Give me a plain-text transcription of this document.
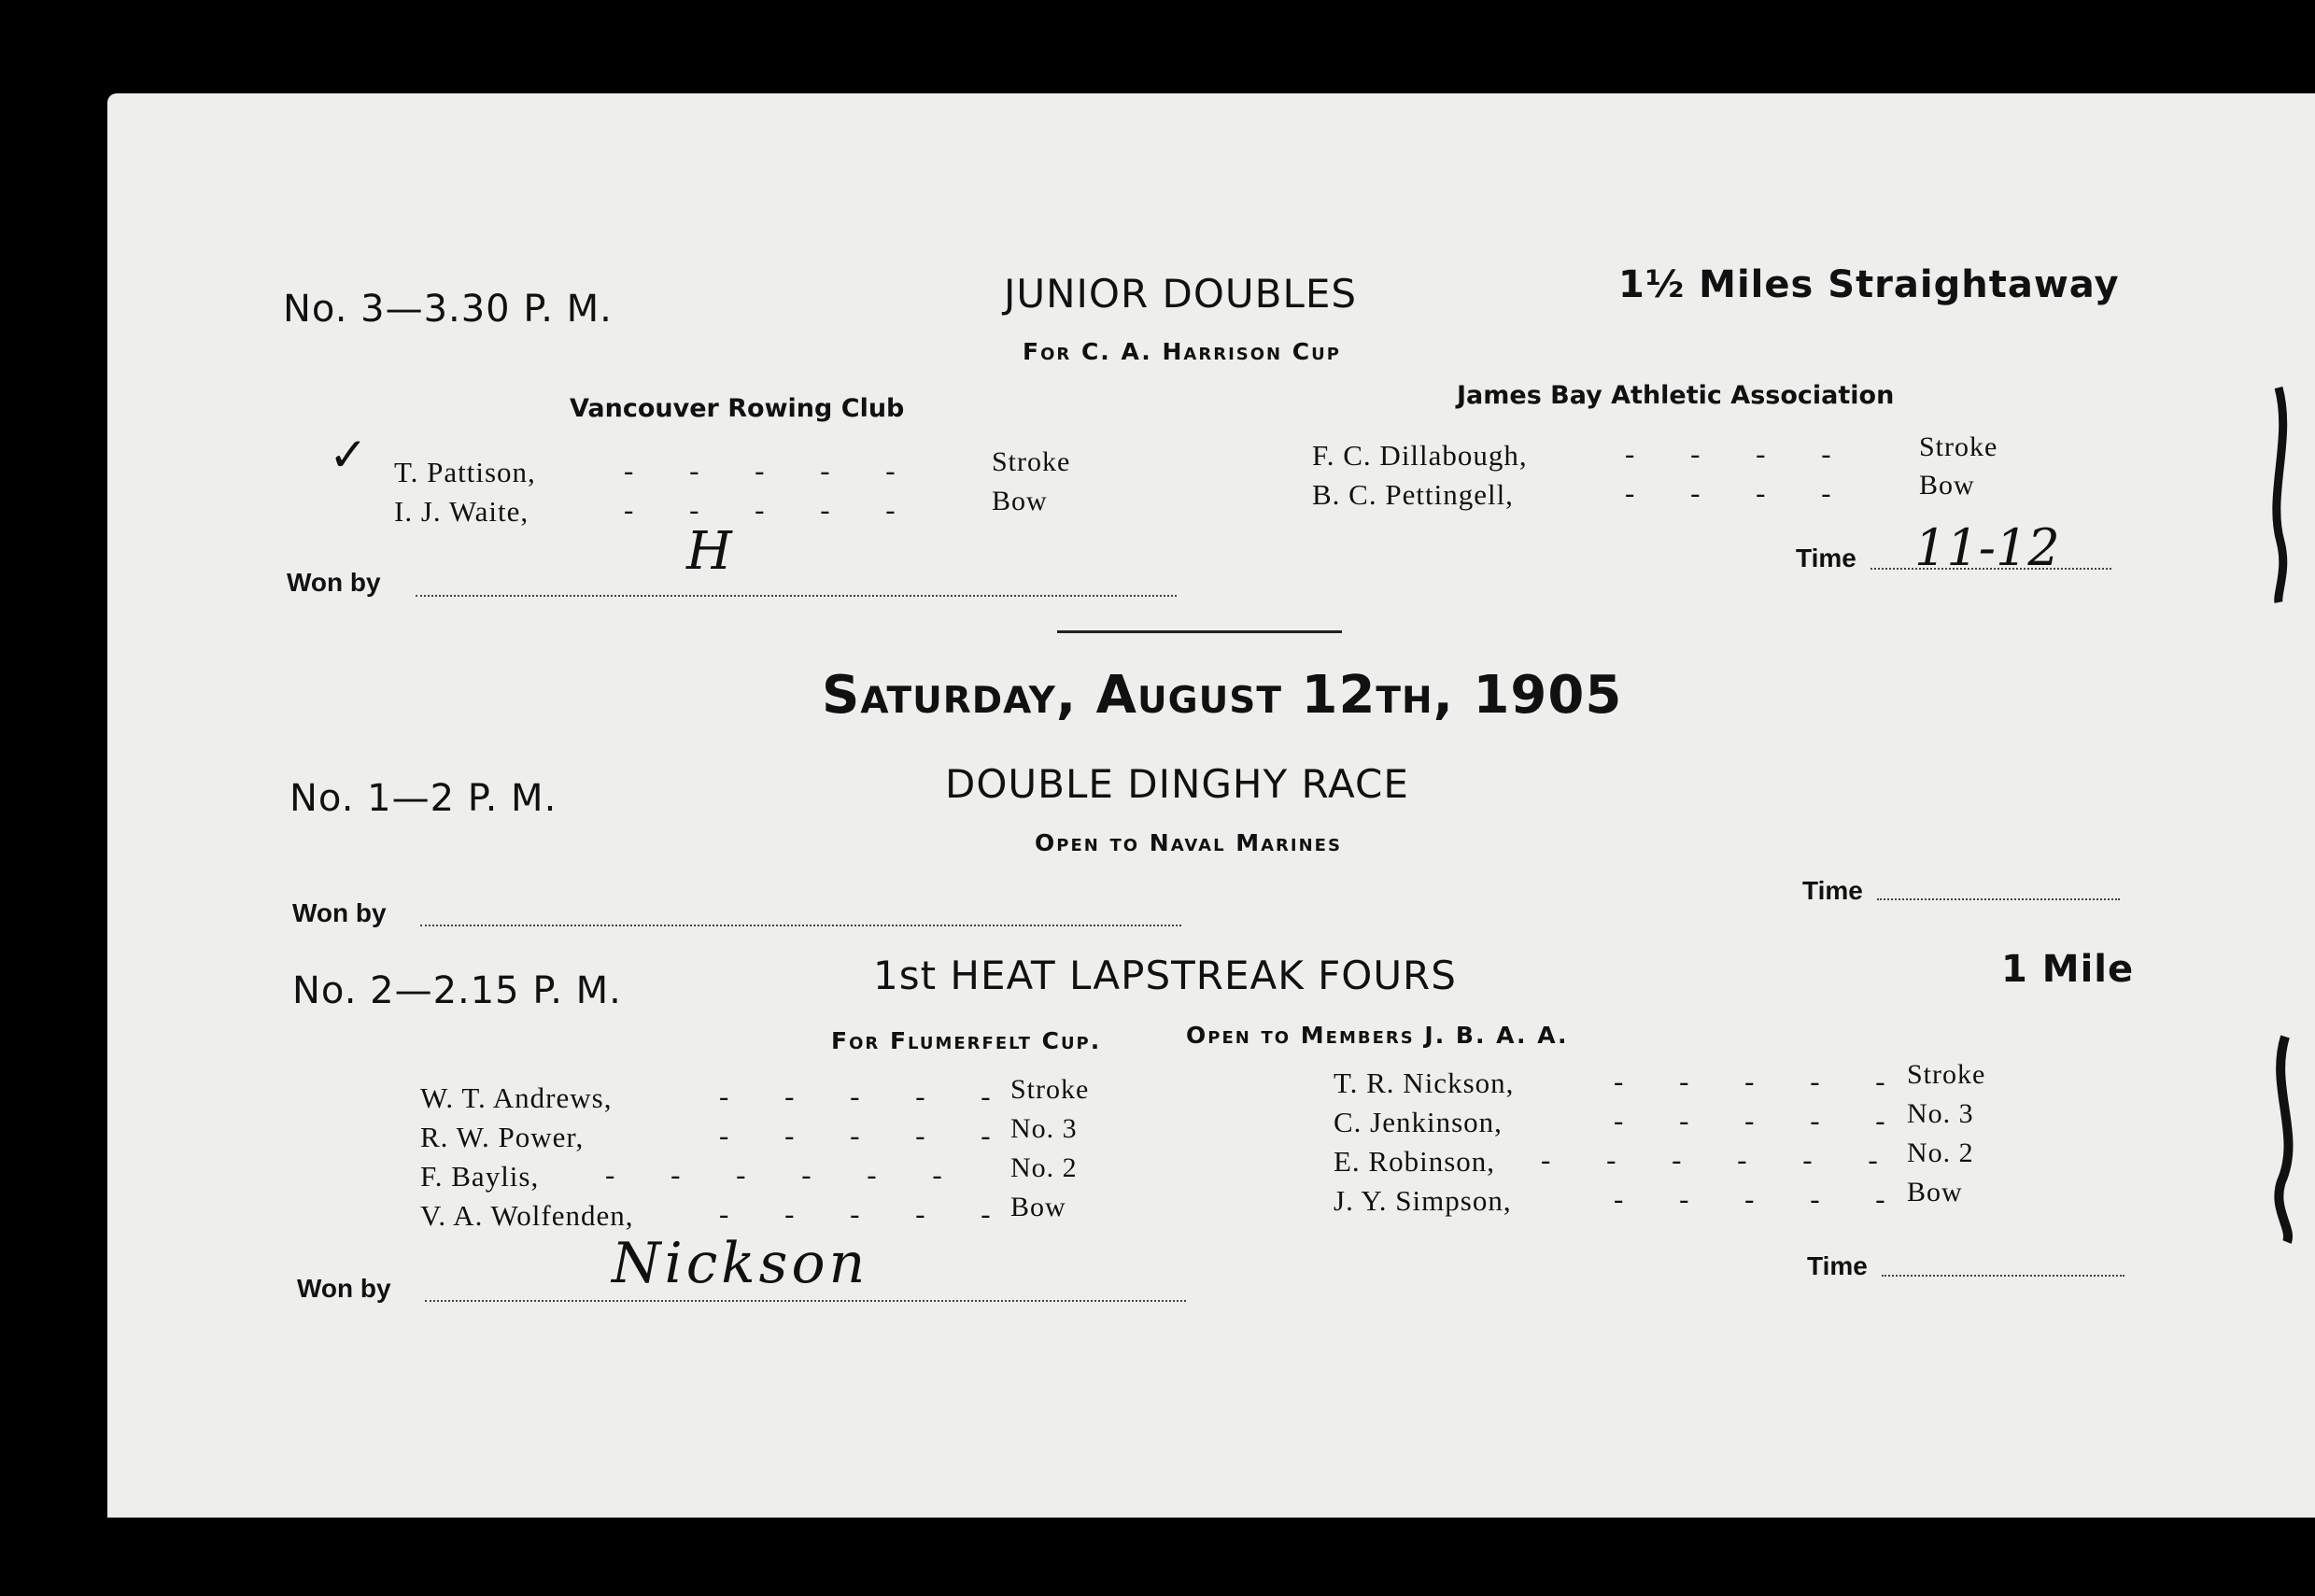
No. 3—3.30 P. M.	JUNIOR DOUBLES	1½ Miles Straightaway
For C. A. Harrison Cup
Vancouver Rowing Club	James Bay Athletic Association
✓ T. Pattison,	- - - - -	Stroke
I. J. Waite,	- - - - -	Bow
F. C. Dillabough,	- - - -	Stroke
B. C. Pettingell,	- - - -	Bow
Won by
H	Time 11-12
Saturday, August 12th, 1905
No. 1—2 P. M.	DOUBLE DINGHY RACE
Open to Naval Marines
Won by
Time
No. 2—2.15 P. M.	1st HEAT LAPSTREAK FOURS	1 Mile
For Flumerfelt Cup.	Open to Members J. B. A. A.
W. T. Andrews,	- - - - - Stroke
R. W. Power,	- - - - - No. 3
F. Baylis, - - - - - - No. 2
V. A. Wolfenden,	- - - - - Bow
T. R. Nickson,	- - - - - Stroke
C. Jenkinson,	- - - - - No. 3
E. Robinson, - - - - - - No. 2
J. Y. Simpson,	- - - - - Bow
Won by	Nickson	Time
